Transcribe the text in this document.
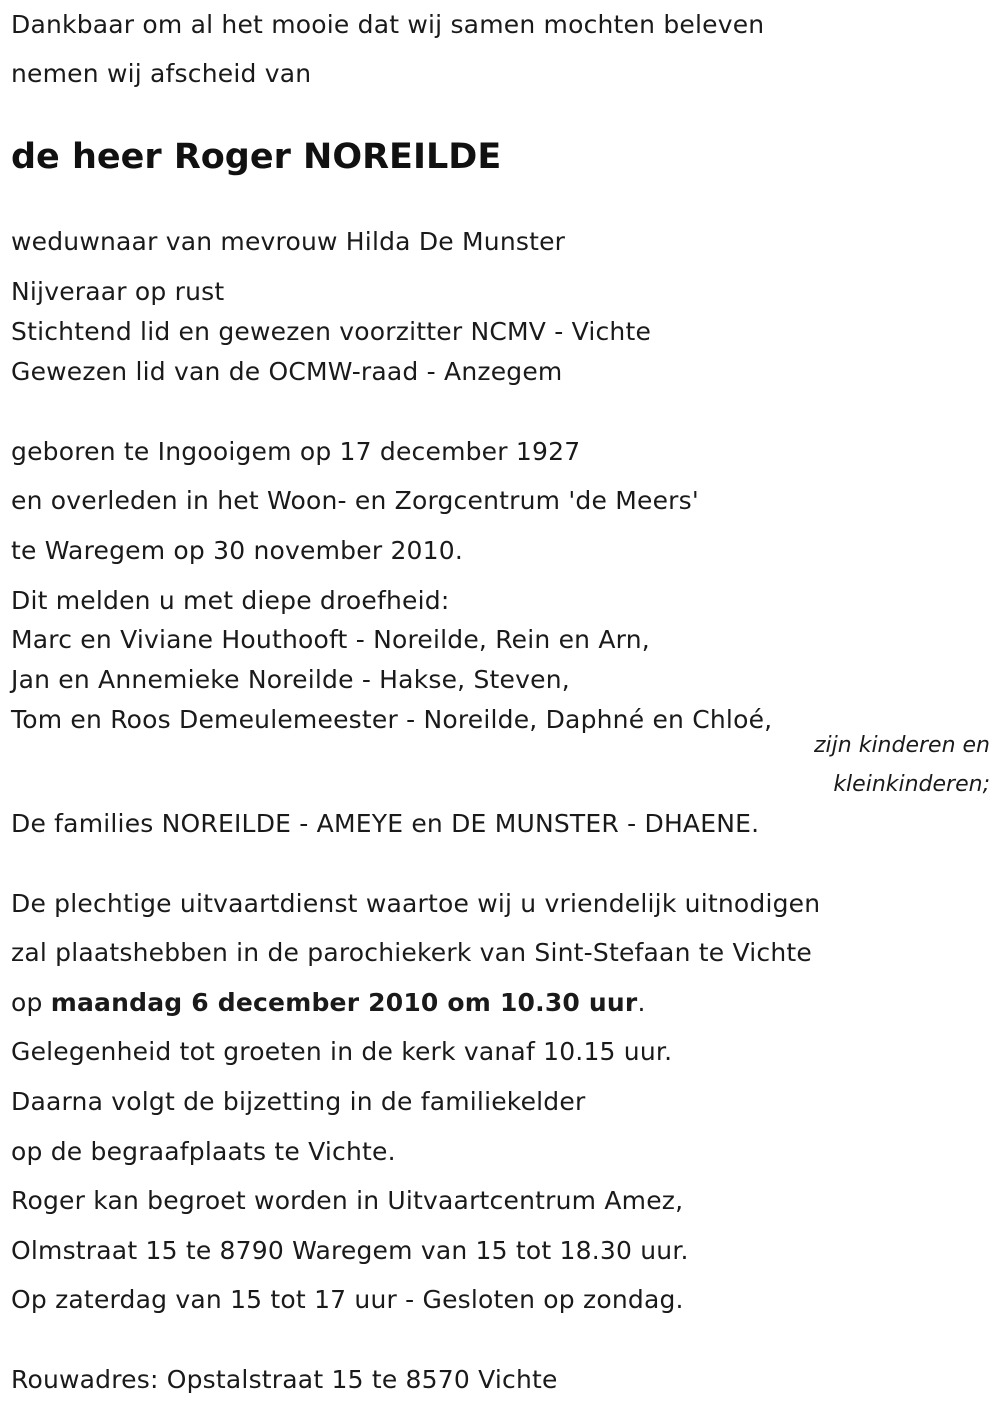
Dankbaar om al het mooie dat wij samen mochten beleven
nemen wij afscheid van
de heer Roger NOREILDE
weduwnaar van mevrouw Hilda De Munster
Nijveraar op rust
Stichtend lid en gewezen voorzitter NCMV - Vichte
Gewezen lid van de OCMW-raad - Anzegem
geboren te Ingooigem op 17 december 1927
en overleden in het Woon- en Zorgcentrum 'de Meers'
te Waregem op 30 november 2010.
Dit melden u met diepe droefheid:
Marc en Viviane Houthooft - Noreilde, Rein en Arn,
Jan en Annemieke Noreilde - Hakse, Steven,
Tom en Roos Demeulemeester - Noreilde, Daphné en Chloé,
zijn kinderen en
kleinkinderen;
De families NOREILDE - AMEYE en DE MUNSTER - DHAENE.
De plechtige uitvaartdienst waartoe wij u vriendelijk uitnodigen
zal plaatshebben in de parochiekerk van Sint-Stefaan te Vichte
op maandag 6 december 2010 om 10.30 uur.
Gelegenheid tot groeten in de kerk vanaf 10.15 uur.
Daarna volgt de bijzetting in de familiekelder
op de begraafplaats te Vichte.
Roger kan begroet worden in Uitvaartcentrum Amez,
Olmstraat 15 te 8790 Waregem van 15 tot 18.30 uur.
Op zaterdag van 15 tot 17 uur - Gesloten op zondag.
Rouwadres: Opstalstraat 15 te 8570 Vichte
